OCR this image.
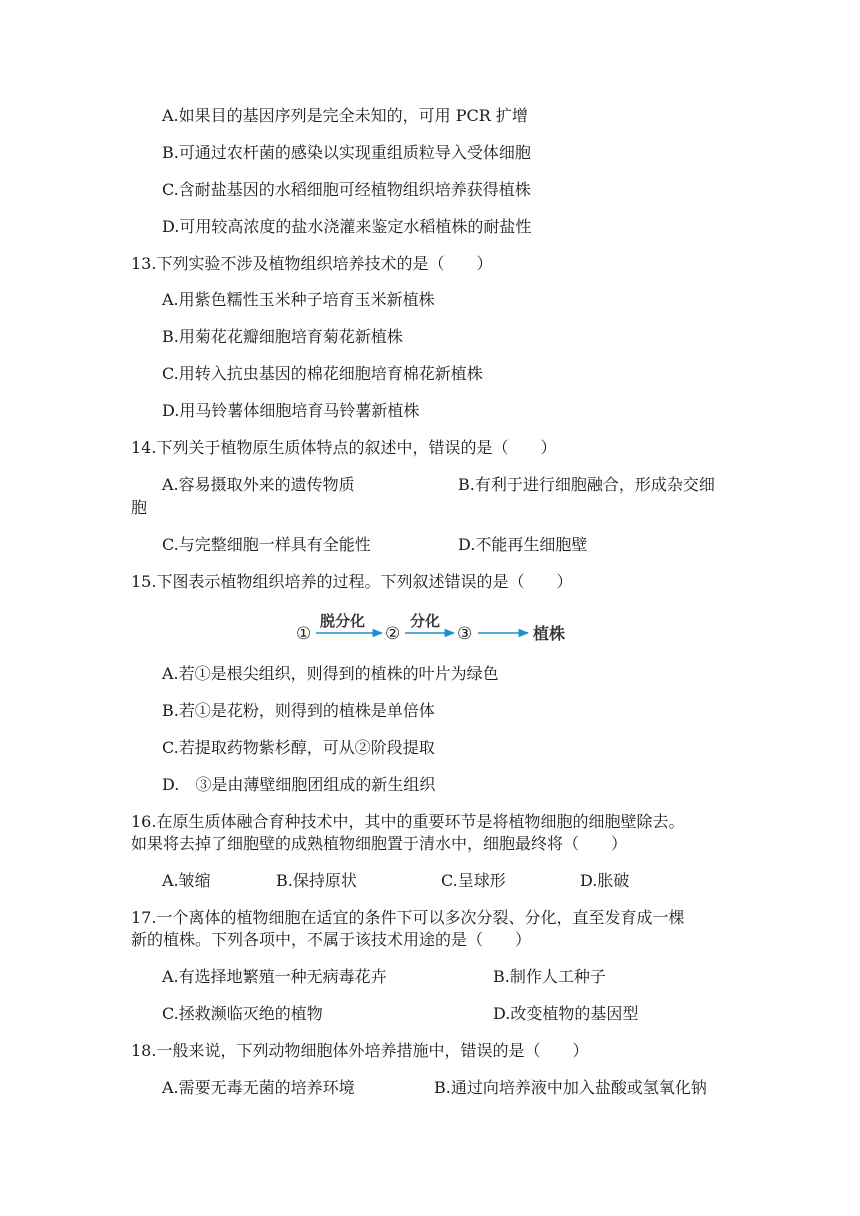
A.如果目的基因序列是完全未知的，可用 PCR 扩增
B.可通过农杆菌的感染以实现重组质粒导入受体细胞
C.含耐盐基因的水稻细胞可经植物组织培养获得植株
D.可用较高浓度的盐水浇灌来鉴定水稻植株的耐盐性
13.下列实验不涉及植物组织培养技术的是（　　）
A.用紫色糯性玉米种子培育玉米新植株
B.用菊花花瓣细胞培育菊花新植株
C.用转入抗虫基因的棉花细胞培育棉花新植株
D.用马铃薯体细胞培育马铃薯新植株
14.下列关于植物原生质体特点的叙述中，错误的是（　　）
A.容易摄取外来的遗传物质	B.有利于进行细胞融合，形成杂交细
胞
C.与完整细胞一样具有全能性	D.不能再生细胞壁
15.下图表示植物组织培养的过程。下列叙述错误的是（　　）
①
脱分化
②
分化
③	植株
A.若①是根尖组织，则得到的植株的叶片为绿色
B.若①是花粉，则得到的植株是单倍体
C.若提取药物紫杉醇，可从②阶段提取
D.　③是由薄壁细胞团组成的新生组织
16.在原生质体融合育种技术中，其中的重要环节是将植物细胞的细胞壁除去。
如果将去掉了细胞壁的成熟植物细胞置于清水中，细胞最终将（　　）
A.皱缩	B.保持原状	C.呈球形	D.胀破
17.一个离体的植物细胞在适宜的条件下可以多次分裂、分化，直至发育成一棵
新的植株。下列各项中，不属于该技术用途的是（　　）
A.有选择地繁殖一种无病毒花卉	B.制作人工种子
C.拯救濒临灭绝的植物	D.改变植物的基因型
18.一般来说，下列动物细胞体外培养措施中，错误的是（　　）
A.需要无毒无菌的培养环境	B.通过向培养液中加入盐酸或氢氧化钠
